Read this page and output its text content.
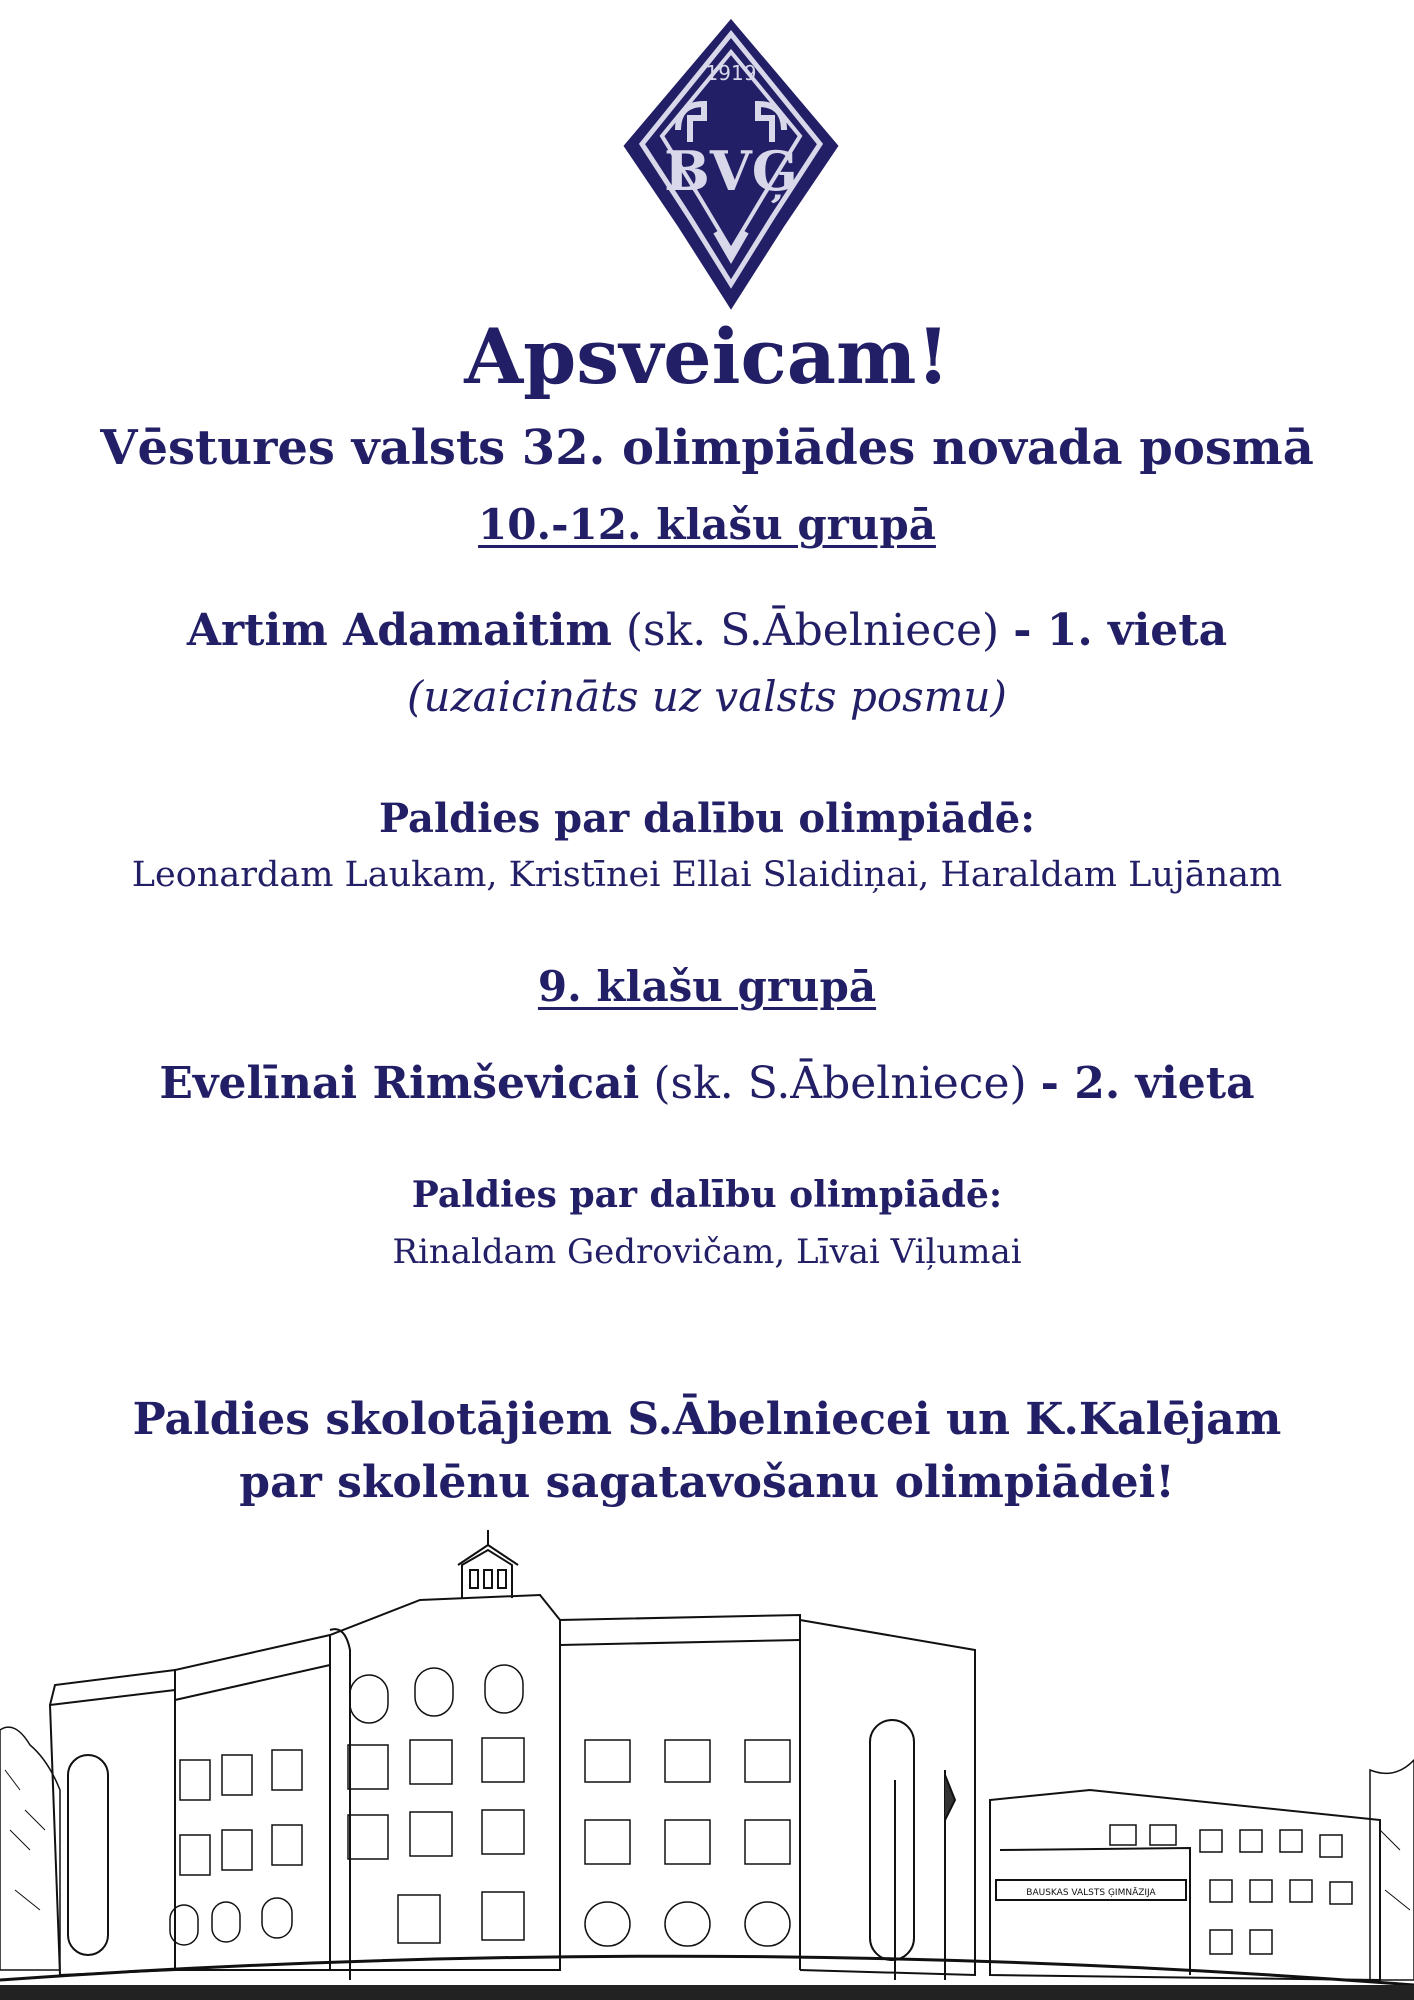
1919
BVĢ
Apsveicam!
Vēstures valsts 32. olimpiādes novada posmā
10.-12. klašu grupā
Artim Adamaitim (sk. S.Ābelniece) - 1. vieta
(uzaicināts uz valsts posmu)
Paldies par dalību olimpiādē:
Leonardam Laukam, Kristīnei Ellai Slaidiņai, Haraldam Lujānam
9. klašu grupā
Evelīnai Rimševicai (sk. S.Ābelniece) - 2. vieta
Paldies par dalību olimpiādē:
Rinaldam Gedrovičam, Līvai Viļumai
Paldies skolotājiem S.Ābelniecei un K.Kalējam
par skolēnu sagatavošanu olimpiādei!
BAUSKAS VALSTS ĢIMNĀZIJA
